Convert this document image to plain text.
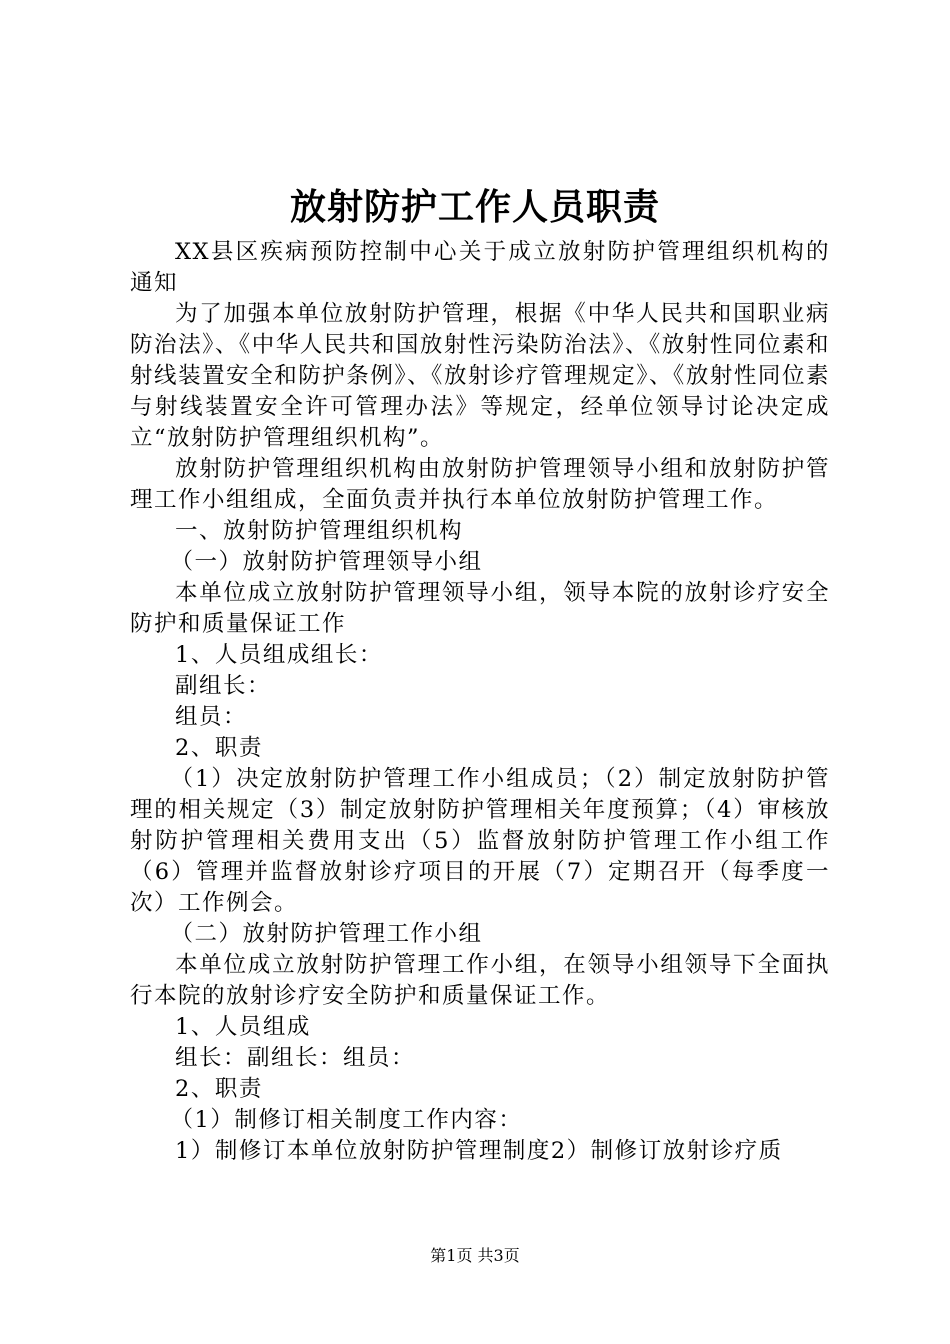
放射防护工作人员职责

XX县区疾病预防控制中心关于成立放射防护管理组织机构的通知

为了加强本单位放射防护管理，根据《中华人民共和国职业病防治法》、《中华人民共和国放射性污染防治法》、《放射性同位素和射线装置安全和防护条例》、《放射诊疗管理规定》、《放射性同位素与射线装置安全许可管理办法》等规定，经单位领导讨论决定成立“放射防护管理组织机构”。

放射防护管理组织机构由放射防护管理领导小组和放射防护管理工作小组组成，全面负责并执行本单位放射防护管理工作。

一、放射防护管理组织机构

（一）放射防护管理领导小组

本单位成立放射防护管理领导小组，领导本院的放射诊疗安全防护和质量保证工作

1、人员组成组长：

副组长：

组员：

2、职责

（1）决定放射防护管理工作小组成员；（2）制定放射防护管理的相关规定（3）制定放射防护管理相关年度预算；（4）审核放射防护管理相关费用支出（5）监督放射防护管理工作小组工作（6）管理并监督放射诊疗项目的开展（7）定期召开（每季度一次）工作例会。

（二）放射防护管理工作小组

本单位成立放射防护管理工作小组，在领导小组领导下全面执行本院的放射诊疗安全防护和质量保证工作。

1、人员组成

组长：副组长：组员：

2、职责

（1）制修订相关制度工作内容：

1）制修订本单位放射防护管理制度2）制修订放射诊疗质

第1页 共3页
